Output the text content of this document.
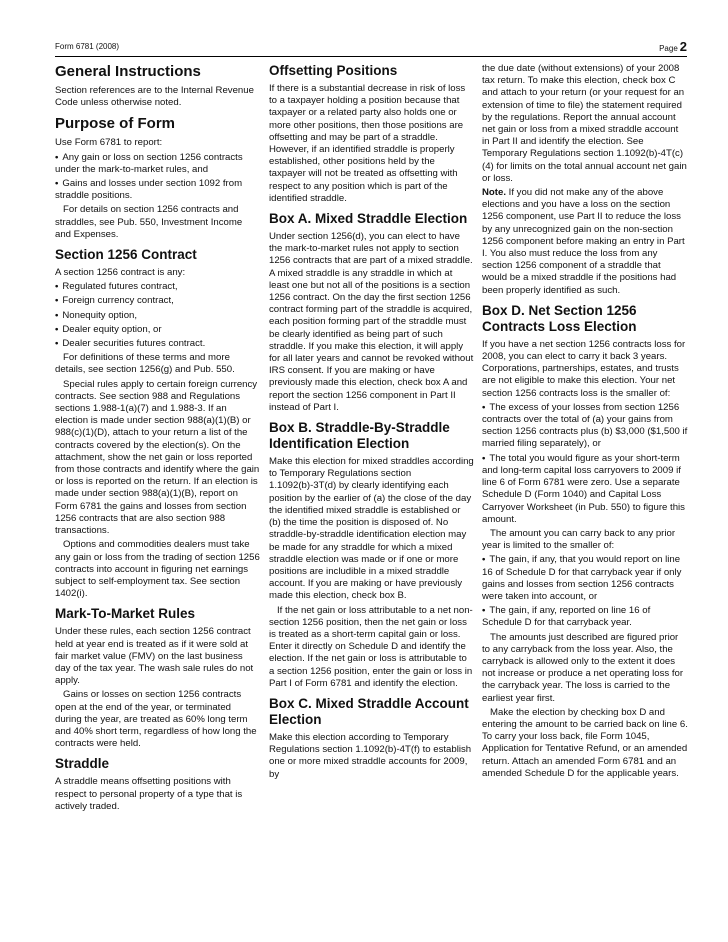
Form 6781 (2008)	Page 2
General Instructions

Section references are to the Internal Revenue Code unless otherwise noted.

Purpose of Form

Use Form 6781 to report:

• Any gain or loss on section 1256 contracts under the mark-to-market rules, and

• Gains and losses under section 1092 from straddle positions.

For details on section 1256 contracts and straddles, see Pub. 550, Investment Income and Expenses.

Section 1256 Contract

A section 1256 contract is any:

• Regulated futures contract,

• Foreign currency contract,

• Nonequity option,

• Dealer equity option, or

• Dealer securities futures contract.

For definitions of these terms and more details, see section 1256(g) and Pub. 550.

Special rules apply to certain foreign currency contracts. See section 988 and Regulations sections 1.988-1(a)(7) and 1.988-3. If an election is made under section 988(a)(1)(B) or 988(c)(1)(D), attach to your return a list of the contracts covered by the election(s). On the attachment, show the net gain or loss reported from those contracts and identify where the gain or loss is reported on the return. If an election is made under section 988(a)(1)(B), report on Form 6781 the gains and losses from section 1256 contracts that are also section 988 transactions.

Options and commodities dealers must take any gain or loss from the trading of section 1256 contracts into account in figuring net earnings subject to self-employment tax. See section 1402(i).

Mark-To-Market Rules

Under these rules, each section 1256 contract held at year end is treated as if it were sold at fair market value (FMV) on the last business day of the tax year. The wash sale rules do not apply.

Gains or losses on section 1256 contracts open at the end of the year, or terminated during the year, are treated as 60% long term and 40% short term, regardless of how long the contracts were held.

Straddle

A straddle means offsetting positions with respect to personal property of a type that is actively traded.

Offsetting Positions

If there is a substantial decrease in risk of loss to a taxpayer holding a position because that taxpayer or a related party also holds one or more other positions, then those positions are offsetting and may be part of a straddle. However, if an identified straddle is properly established, other positions held by the taxpayer will not be treated as offsetting with respect to any position which is part of the identified straddle.

Box A. Mixed Straddle Election

Under section 1256(d), you can elect to have the mark-to-market rules not apply to section 1256 contracts that are part of a mixed straddle. A mixed straddle is any straddle in which at least one but not all of the positions is a section 1256 contract. On the day the first section 1256 contract forming part of the straddle is acquired, each position forming part of the straddle must be clearly identified as being part of such straddle. If you make this election, it will apply for all later years and cannot be revoked without IRS consent. If you are making or have previously made this election, check box A and report the section 1256 component in Part II instead of Part I.

Box B. Straddle-By-Straddle Identification Election

Make this election for mixed straddles according to Temporary Regulations section 1.1092(b)-3T(d) by clearly identifying each position by the earlier of (a) the close of the day the identified mixed straddle is established or (b) the time the position is disposed of. No straddle-by-straddle identification election may be made for any straddle for which a mixed straddle election was made or if one or more positions are includible in a mixed straddle account. If you are making or have previously made this election, check box B.

If the net gain or loss attributable to a net non-section 1256 position, then the net gain or loss is treated as a short-term capital gain or loss. Enter it directly on Schedule D and identify the election. If the net gain or loss is attributable to a section 1256 position, enter the gain or loss in Part I of Form 6781 and identify the election.

Box C. Mixed Straddle Account Election

Make this election according to Temporary Regulations section 1.1092(b)-4T(f) to establish one or more mixed straddle accounts for 2009, by

the due date (without extensions) of your 2008 tax return. To make this election, check box C and attach to your return (or your request for an extension of time to file) the statement required by the regulations. Report the annual account net gain or loss from a mixed straddle account in Part II and identify the election. See Temporary Regulations section 1.1092(b)-4T(c)(4) for limits on the total annual account net gain or loss.

Note. If you did not make any of the above elections and you have a loss on the section 1256 component, use Part II to reduce the loss by any unrecognized gain on the non-section 1256 component before making an entry in Part I. You also must reduce the loss from any section 1256 component of a straddle that would be a mixed straddle if the positions had been properly identified as such.

Box D. Net Section 1256 Contracts Loss Election

If you have a net section 1256 contracts loss for 2008, you can elect to carry it back 3 years. Corporations, partnerships, estates, and trusts are not eligible to make this election. Your net section 1256 contracts loss is the smaller of:

• The excess of your losses from section 1256 contracts over the total of (a) your gains from section 1256 contracts plus (b) $3,000 ($1,500 if married filing separately), or

• The total you would figure as your short-term and long-term capital loss carryovers to 2009 if line 6 of Form 6781 were zero. Use a separate Schedule D (Form 1040) and Capital Loss Carryover Worksheet (in Pub. 550) to figure this amount.

The amount you can carry back to any prior year is limited to the smaller of:

• The gain, if any, that you would report on line 16 of Schedule D for that carryback year if only gains and losses from section 1256 contracts were taken into account, or

• The gain, if any, reported on line 16 of Schedule D for that carryback year.

The amounts just described are figured prior to any carryback from the loss year. Also, the carryback is allowed only to the extent it does not increase or produce a net operating loss for the carryback year. The loss is carried to the earliest year first.

Make the election by checking box D and entering the amount to be carried back on line 6. To carry your loss back, file Form 1045, Application for Tentative Refund, or an amended return. Attach an amended Form 6781 and an amended Schedule D for the applicable years.
